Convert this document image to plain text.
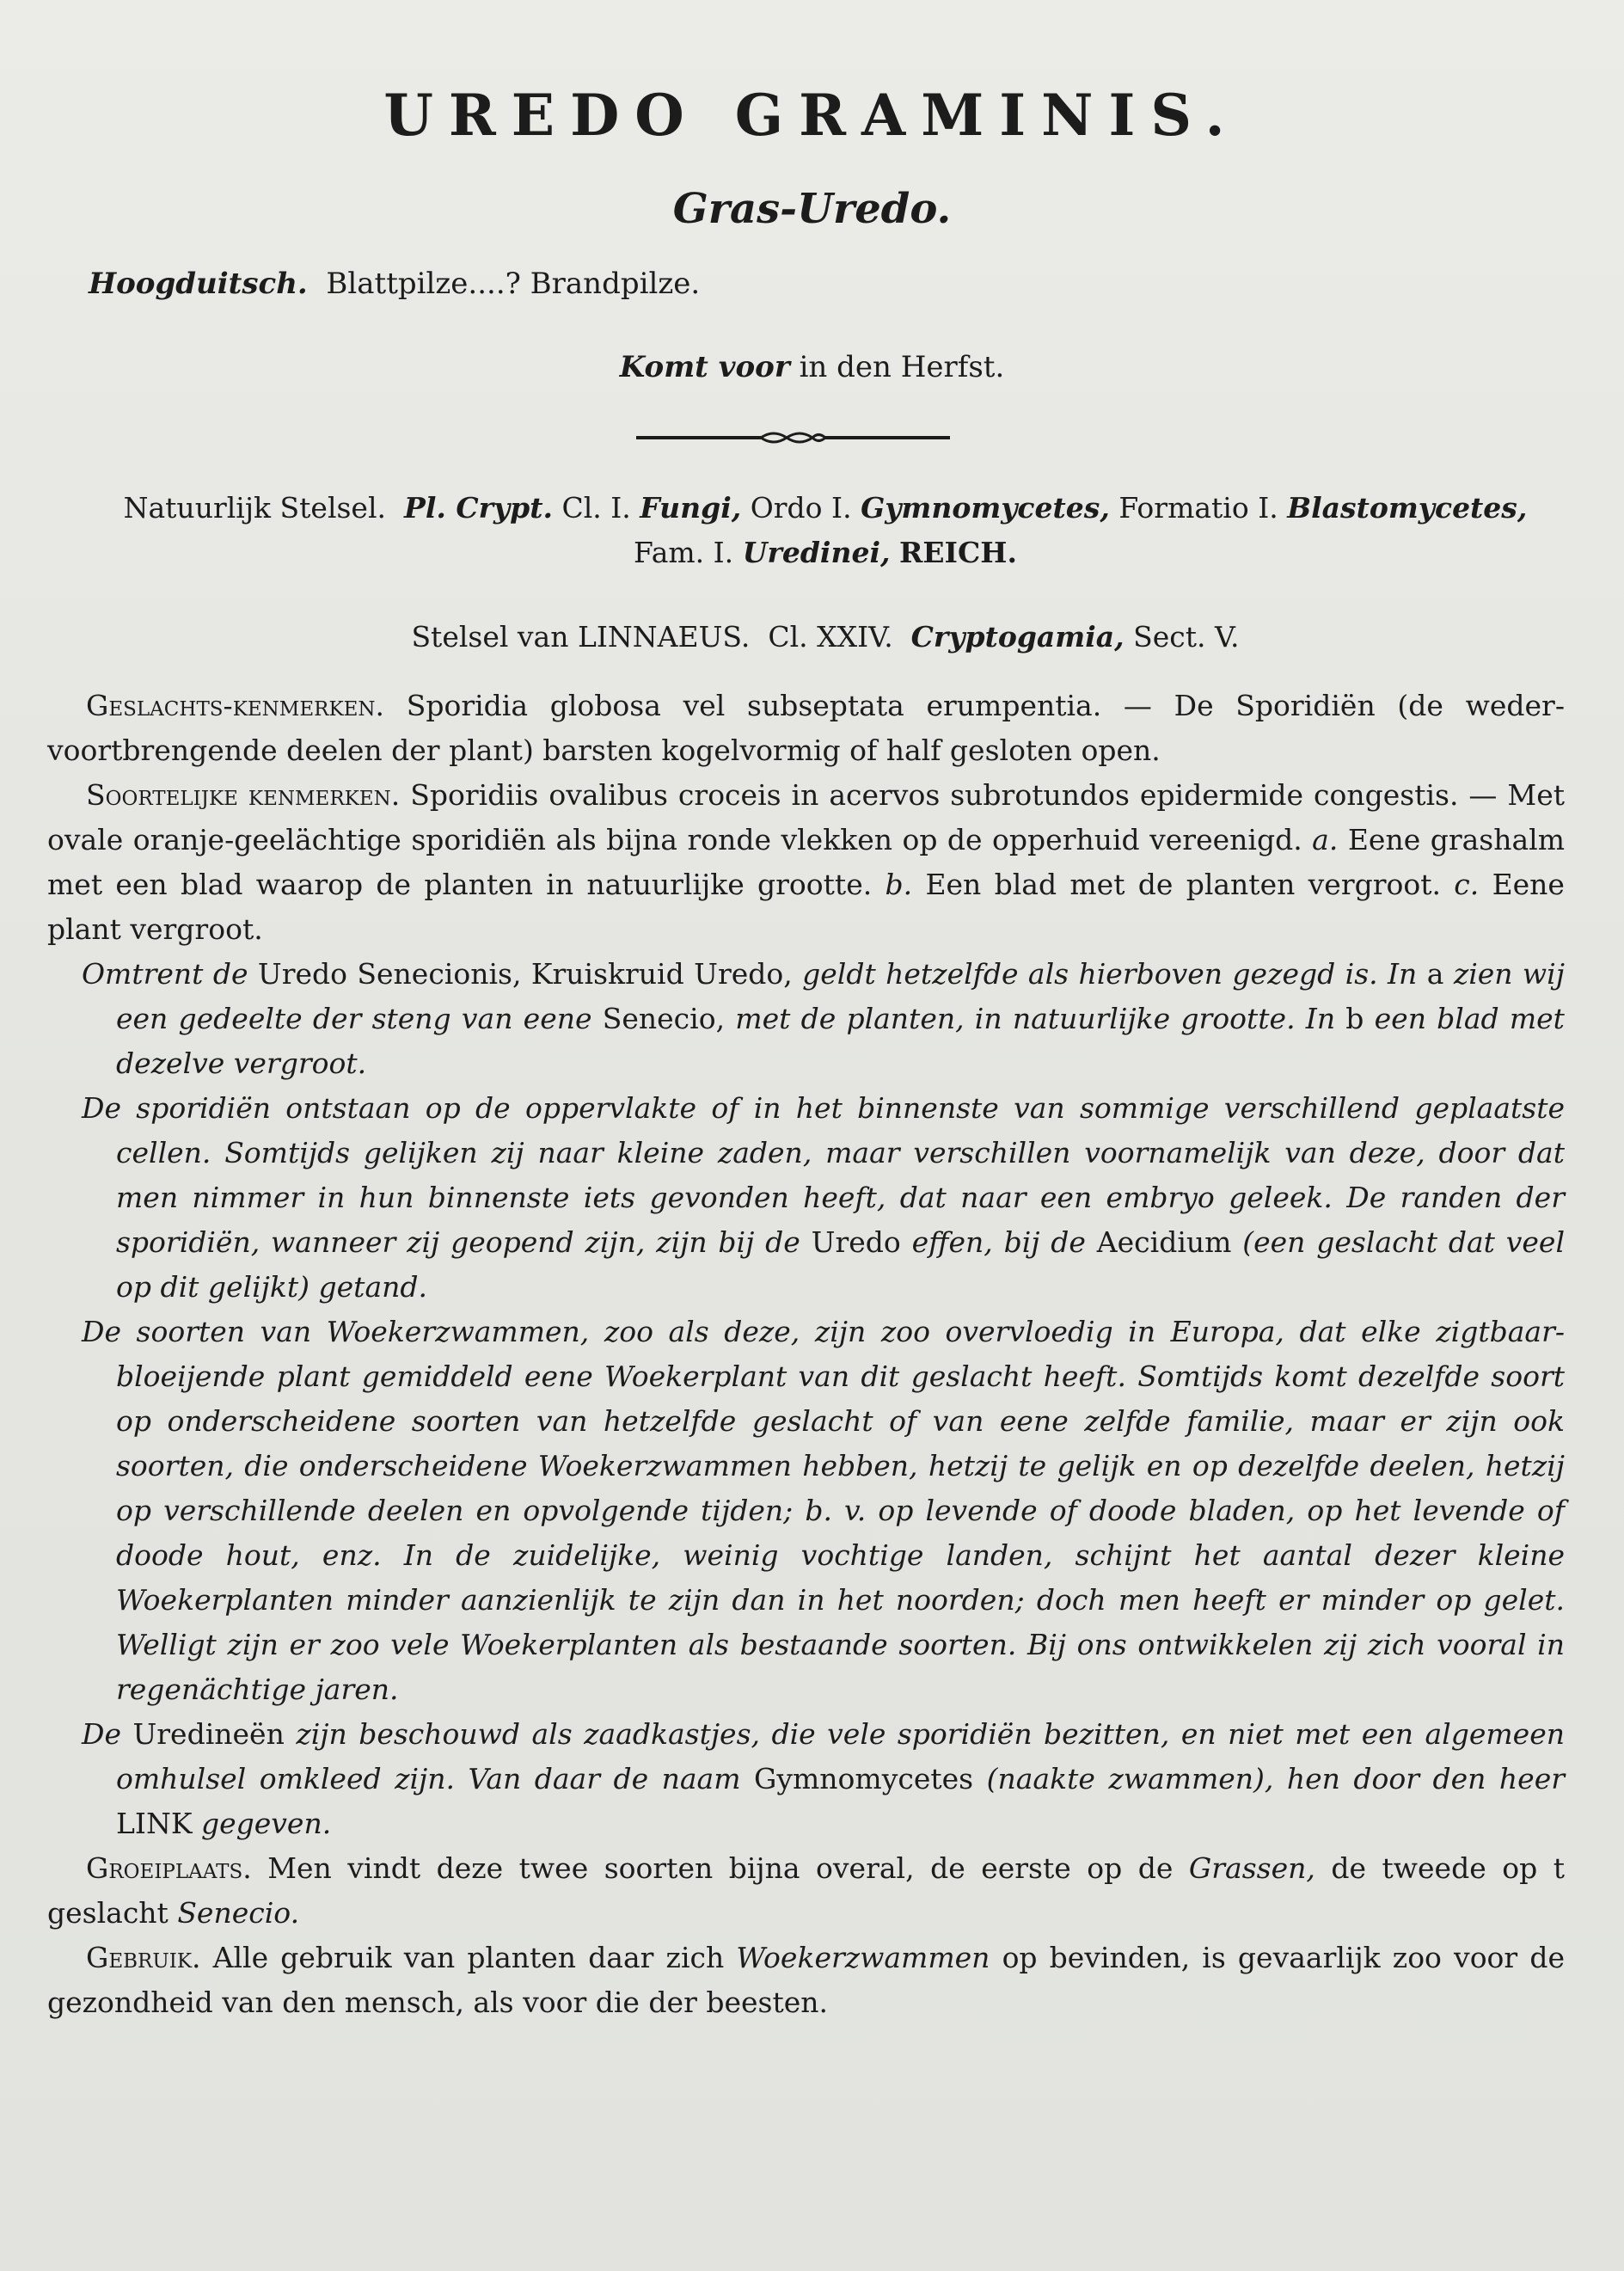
UREDO GRAMINIS.
Gras-Uredo.
Hoogduitsch. Blattpilze....? Brandpilze.
Komt voor in den Herfst.
Natuurlijk Stelsel. Pl. Crypt. Cl. I. Fungi, Ordo I. Gymnomycetes, Formatio I. Blastomycetes, Fam. I. Uredinei, REICH.
Stelsel van LINNAEUS. Cl. XXIV. Cryptogamia, Sect. V.

Geslachts-kenmerken. Sporidia globosa vel subseptata erumpentia. — De Sporidiën (de weder-voortbrengende deelen der plant) barsten kogelvormig of half gesloten open.

Soortelijke kenmerken. Sporidiis ovalibus croceis in acervos subrotundos epidermide congestis. — Met ovale oranje-geelächtige sporidiën als bijna ronde vlekken op de opperhuid vereenigd. a. Eene grashalm met een blad waarop de planten in natuurlijke grootte. b. Een blad met de planten vergroot. c. Eene plant vergroot.

Omtrent de Uredo Senecionis, Kruiskruid Uredo, geldt hetzelfde als hierboven gezegd is. In a zien wij een gedeelte der steng van eene Senecio, met de planten, in natuurlijke grootte. In b een blad met dezelve vergroot.

De sporidiën ontstaan op de oppervlakte of in het binnenste van sommige verschillend geplaatste cellen. Somtijds gelijken zij naar kleine zaden, maar verschillen voornamelijk van deze, door dat men nimmer in hun binnenste iets gevonden heeft, dat naar een embryo geleek. De randen der sporidiën, wanneer zij geopend zijn, zijn bij de Uredo effen, bij de Aecidium (een geslacht dat veel op dit gelijkt) getand.

De soorten van Woekerzwammen, zoo als deze, zijn zoo overvloedig in Europa, dat elke zigtbaar-bloeijende plant gemiddeld eene Woekerplant van dit geslacht heeft. Somtijds komt dezelfde soort op onderscheidene soorten van hetzelfde geslacht of van eene zelfde familie, maar er zijn ook soorten, die onderscheidene Woekerzwammen hebben, hetzij te gelijk en op dezelfde deelen, hetzij op verschillende deelen en opvolgende tijden; b. v. op levende of doode bladen, op het levende of doode hout, enz. In de zuidelijke, weinig vochtige landen, schijnt het aantal dezer kleine Woekerplanten minder aanzienlijk te zijn dan in het noorden; doch men heeft er minder op gelet. Welligt zijn er zoo vele Woekerplanten als bestaande soorten. Bij ons ontwikkelen zij zich vooral in regenächtige jaren.

De Uredineën zijn beschouwd als zaadkastjes, die vele sporidiën bezitten, en niet met een algemeen omhulsel omkleed zijn. Van daar de naam Gymnomycetes (naakte zwammen), hen door den heer LINK gegeven.

Groeiplaats. Men vindt deze twee soorten bijna overal, de eerste op de Grassen, de tweede op t geslacht Senecio.

Gebruik. Alle gebruik van planten daar zich Woekerzwammen op bevinden, is gevaarlijk zoo voor de gezondheid van den mensch, als voor die der beesten.
